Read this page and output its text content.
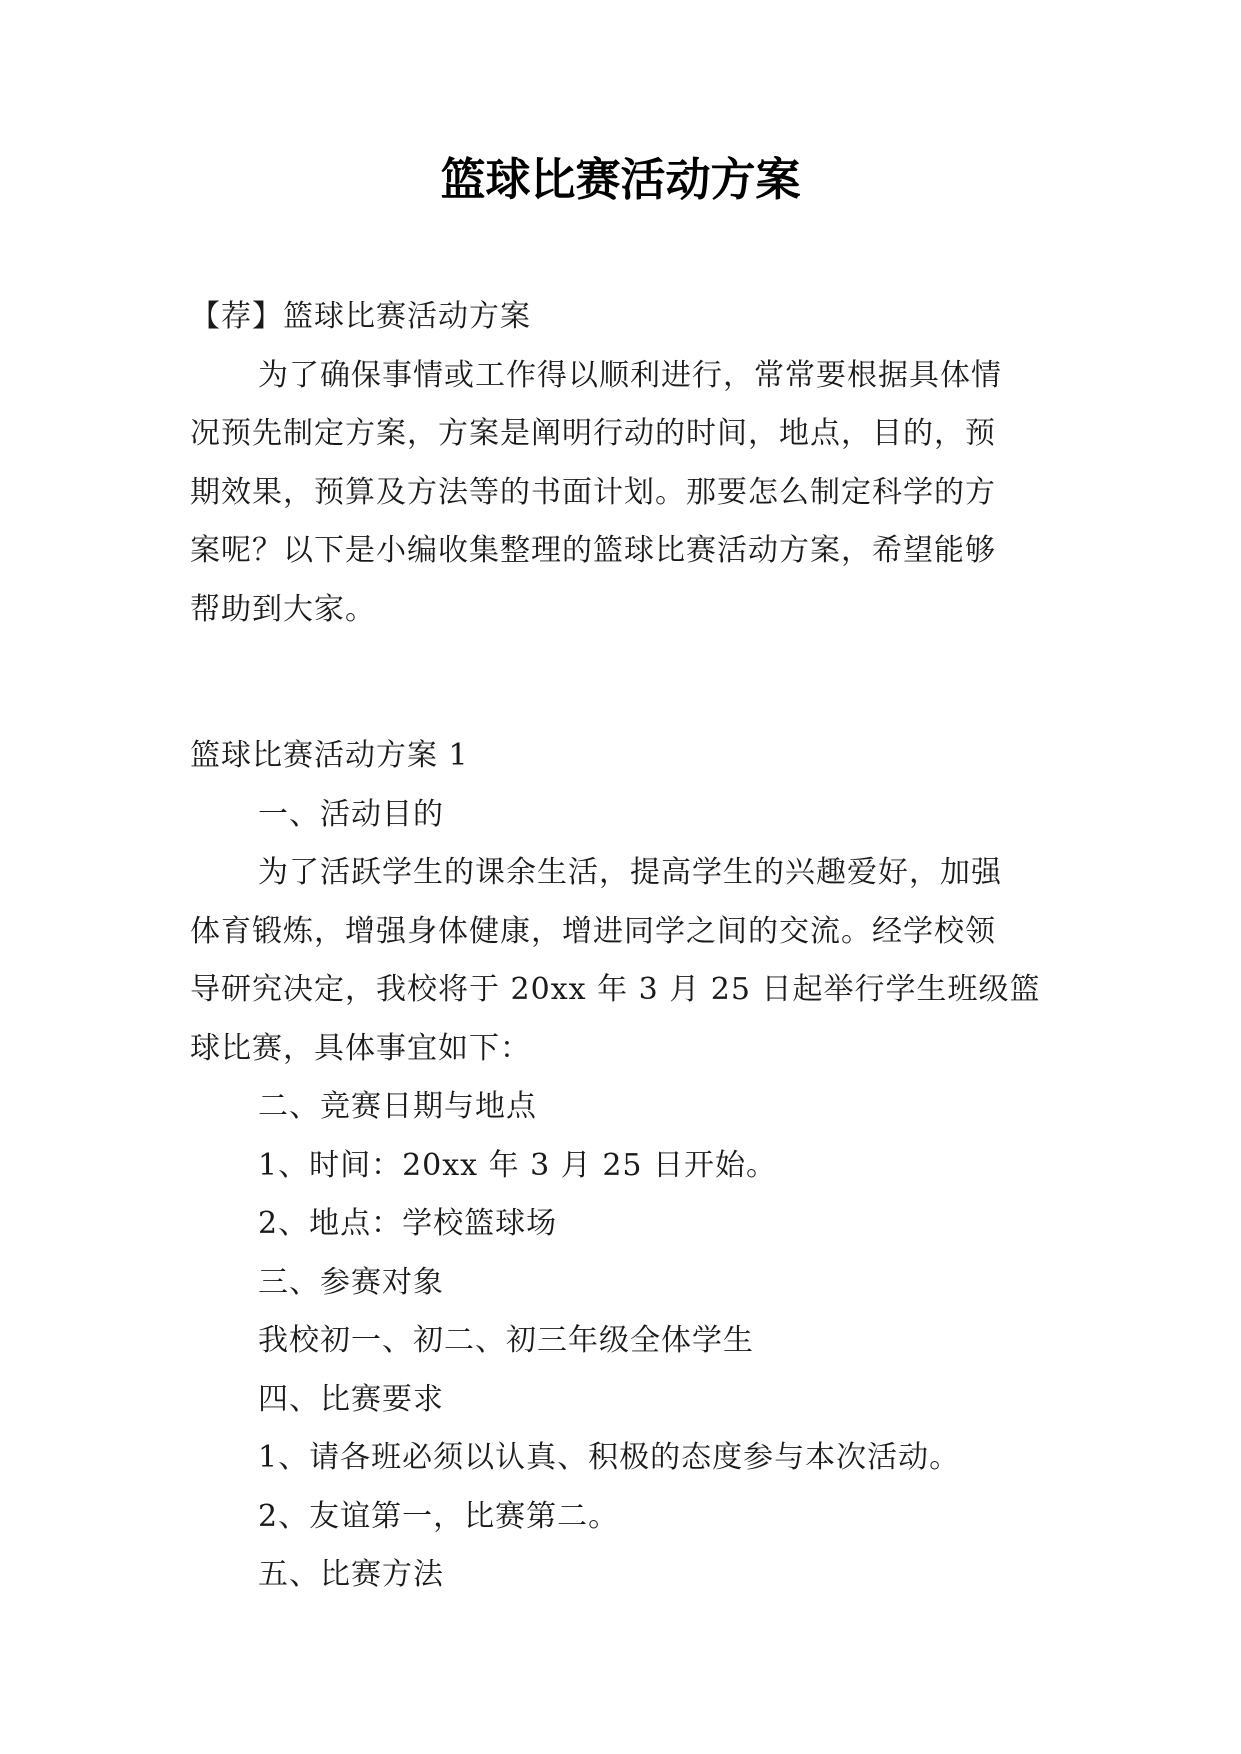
篮球比赛活动方案
【荐】篮球比赛活动方案
为了确保事情或工作得以顺利进行，常常要根据具体情
况预先制定方案，方案是阐明行动的时间，地点，目的，预
期效果，预算及方法等的书面计划。那要怎么制定科学的方
案呢？以下是小编收集整理的篮球比赛活动方案，希望能够
帮助到大家。
篮球比赛活动方案 1
一、活动目的
为了活跃学生的课余生活，提高学生的兴趣爱好，加强
体育锻炼，增强身体健康，增进同学之间的交流。经学校领
导研究决定，我校将于 20xx 年 3 月 25 日起举行学生班级篮
球比赛，具体事宜如下：
二、竞赛日期与地点
1、时间：20xx 年 3 月 25 日开始。
2、地点：学校篮球场
三、参赛对象
我校初一、初二、初三年级全体学生
四、比赛要求
1、请各班必须以认真、积极的态度参与本次活动。
2、友谊第一，比赛第二。
五、比赛方法
